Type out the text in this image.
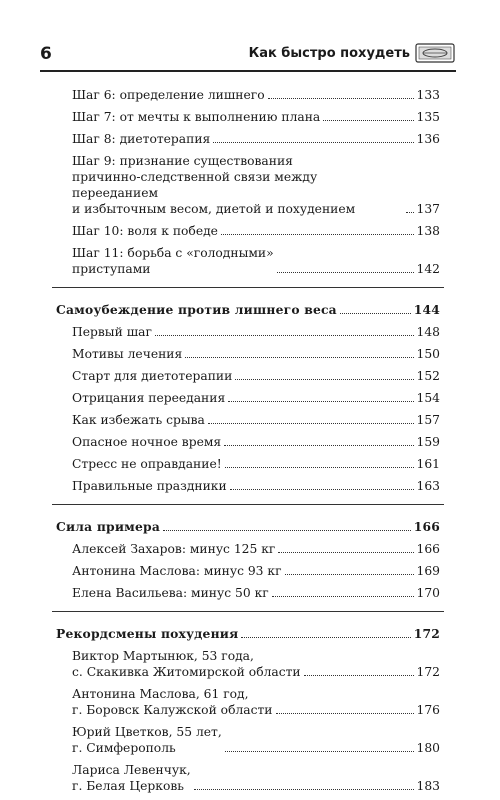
6	Как быстро похудеть
Шаг 6: определение лишнего	133
Шаг 7: от мечты к выполнению плана	135
Шаг 8: диетотерапия	136
Шаг 9: признание существования
причинно-следственной связи между перееданием
и избыточным весом, диетой и похудением	137
Шаг 10: воля к победе	138
Шаг 11: борьба с «голодными»
приступами	142
Самоубеждение против лишнего веса	144
Первый шаг	148
Мотивы лечения	150
Старт для диетотерапии	152
Отрицания переедания	154
Как избежать срыва	157
Опасное ночное время	159
Стресс не оправдание!	161
Правильные праздники	163
Сила примера	166
Алексей Захаров: минус 125 кг	166
Антонина Маслова: минус 93 кг	169
Елена Васильева: минус 50 кг	170
Рекордсмены похудения	172
Виктор Мартынюк, 53 года,
с. Скакивка Житомирской области	172
Антонина Маслова, 61 год,
г. Боровск Калужской области	176
Юрий Цветков, 55 лет,
г. Симферополь	180
Лариса Левенчук,
г. Белая Церковь	183
